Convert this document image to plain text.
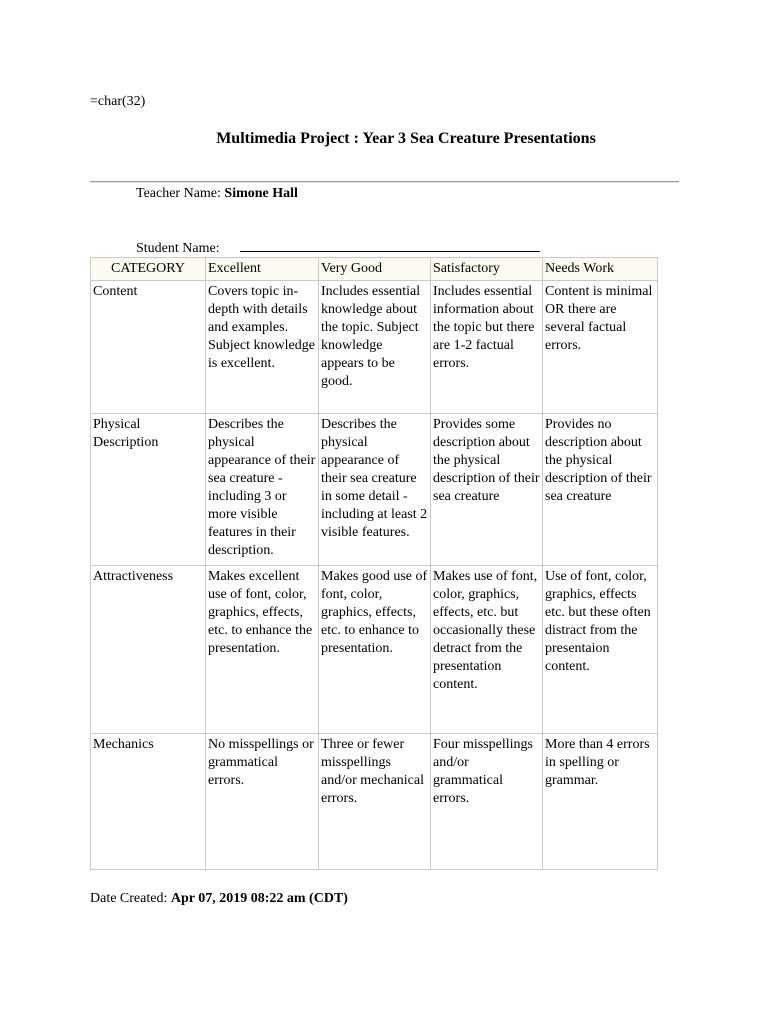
=char(32)
Multimedia Project : Year 3 Sea Creature Presentations
Teacher Name: Simone Hall
Student Name:
CATEGORY	Excellent	Very Good	Satisfactory	Needs Work
Content	Covers topic in-depth with details and examples. Subject knowledge is excellent.	Includes essential knowledge about the topic. Subject knowledge appears to be good.	Includes essential information about the topic but there are 1-2 factual errors.	Content is minimal OR there are several factual errors.
Physical Description	Describes the physical appearance of their sea creature - including 3 or more visible features in their description.	Describes the physical appearance of their sea creature in some detail - including at least 2 visible features.	Provides some description about the physical description of their sea creature	Provides no description about the physical description of their sea creature
Attractiveness	Makes excellent use of font, color, graphics, effects, etc. to enhance the presentation.	Makes good use of font, color, graphics, effects, etc. to enhance to presentation.	Makes use of font, color, graphics, effects, etc. but occasionally these detract from the presentation content.	Use of font, color, graphics, effects etc. but these often distract from the presentaion content.
Mechanics	No misspellings or grammatical errors.	Three or fewer misspellings and/or mechanical errors.	Four misspellings and/or grammatical errors.	More than 4 errors in spelling or grammar.
Date Created: Apr 07, 2019 08:22 am (CDT)
